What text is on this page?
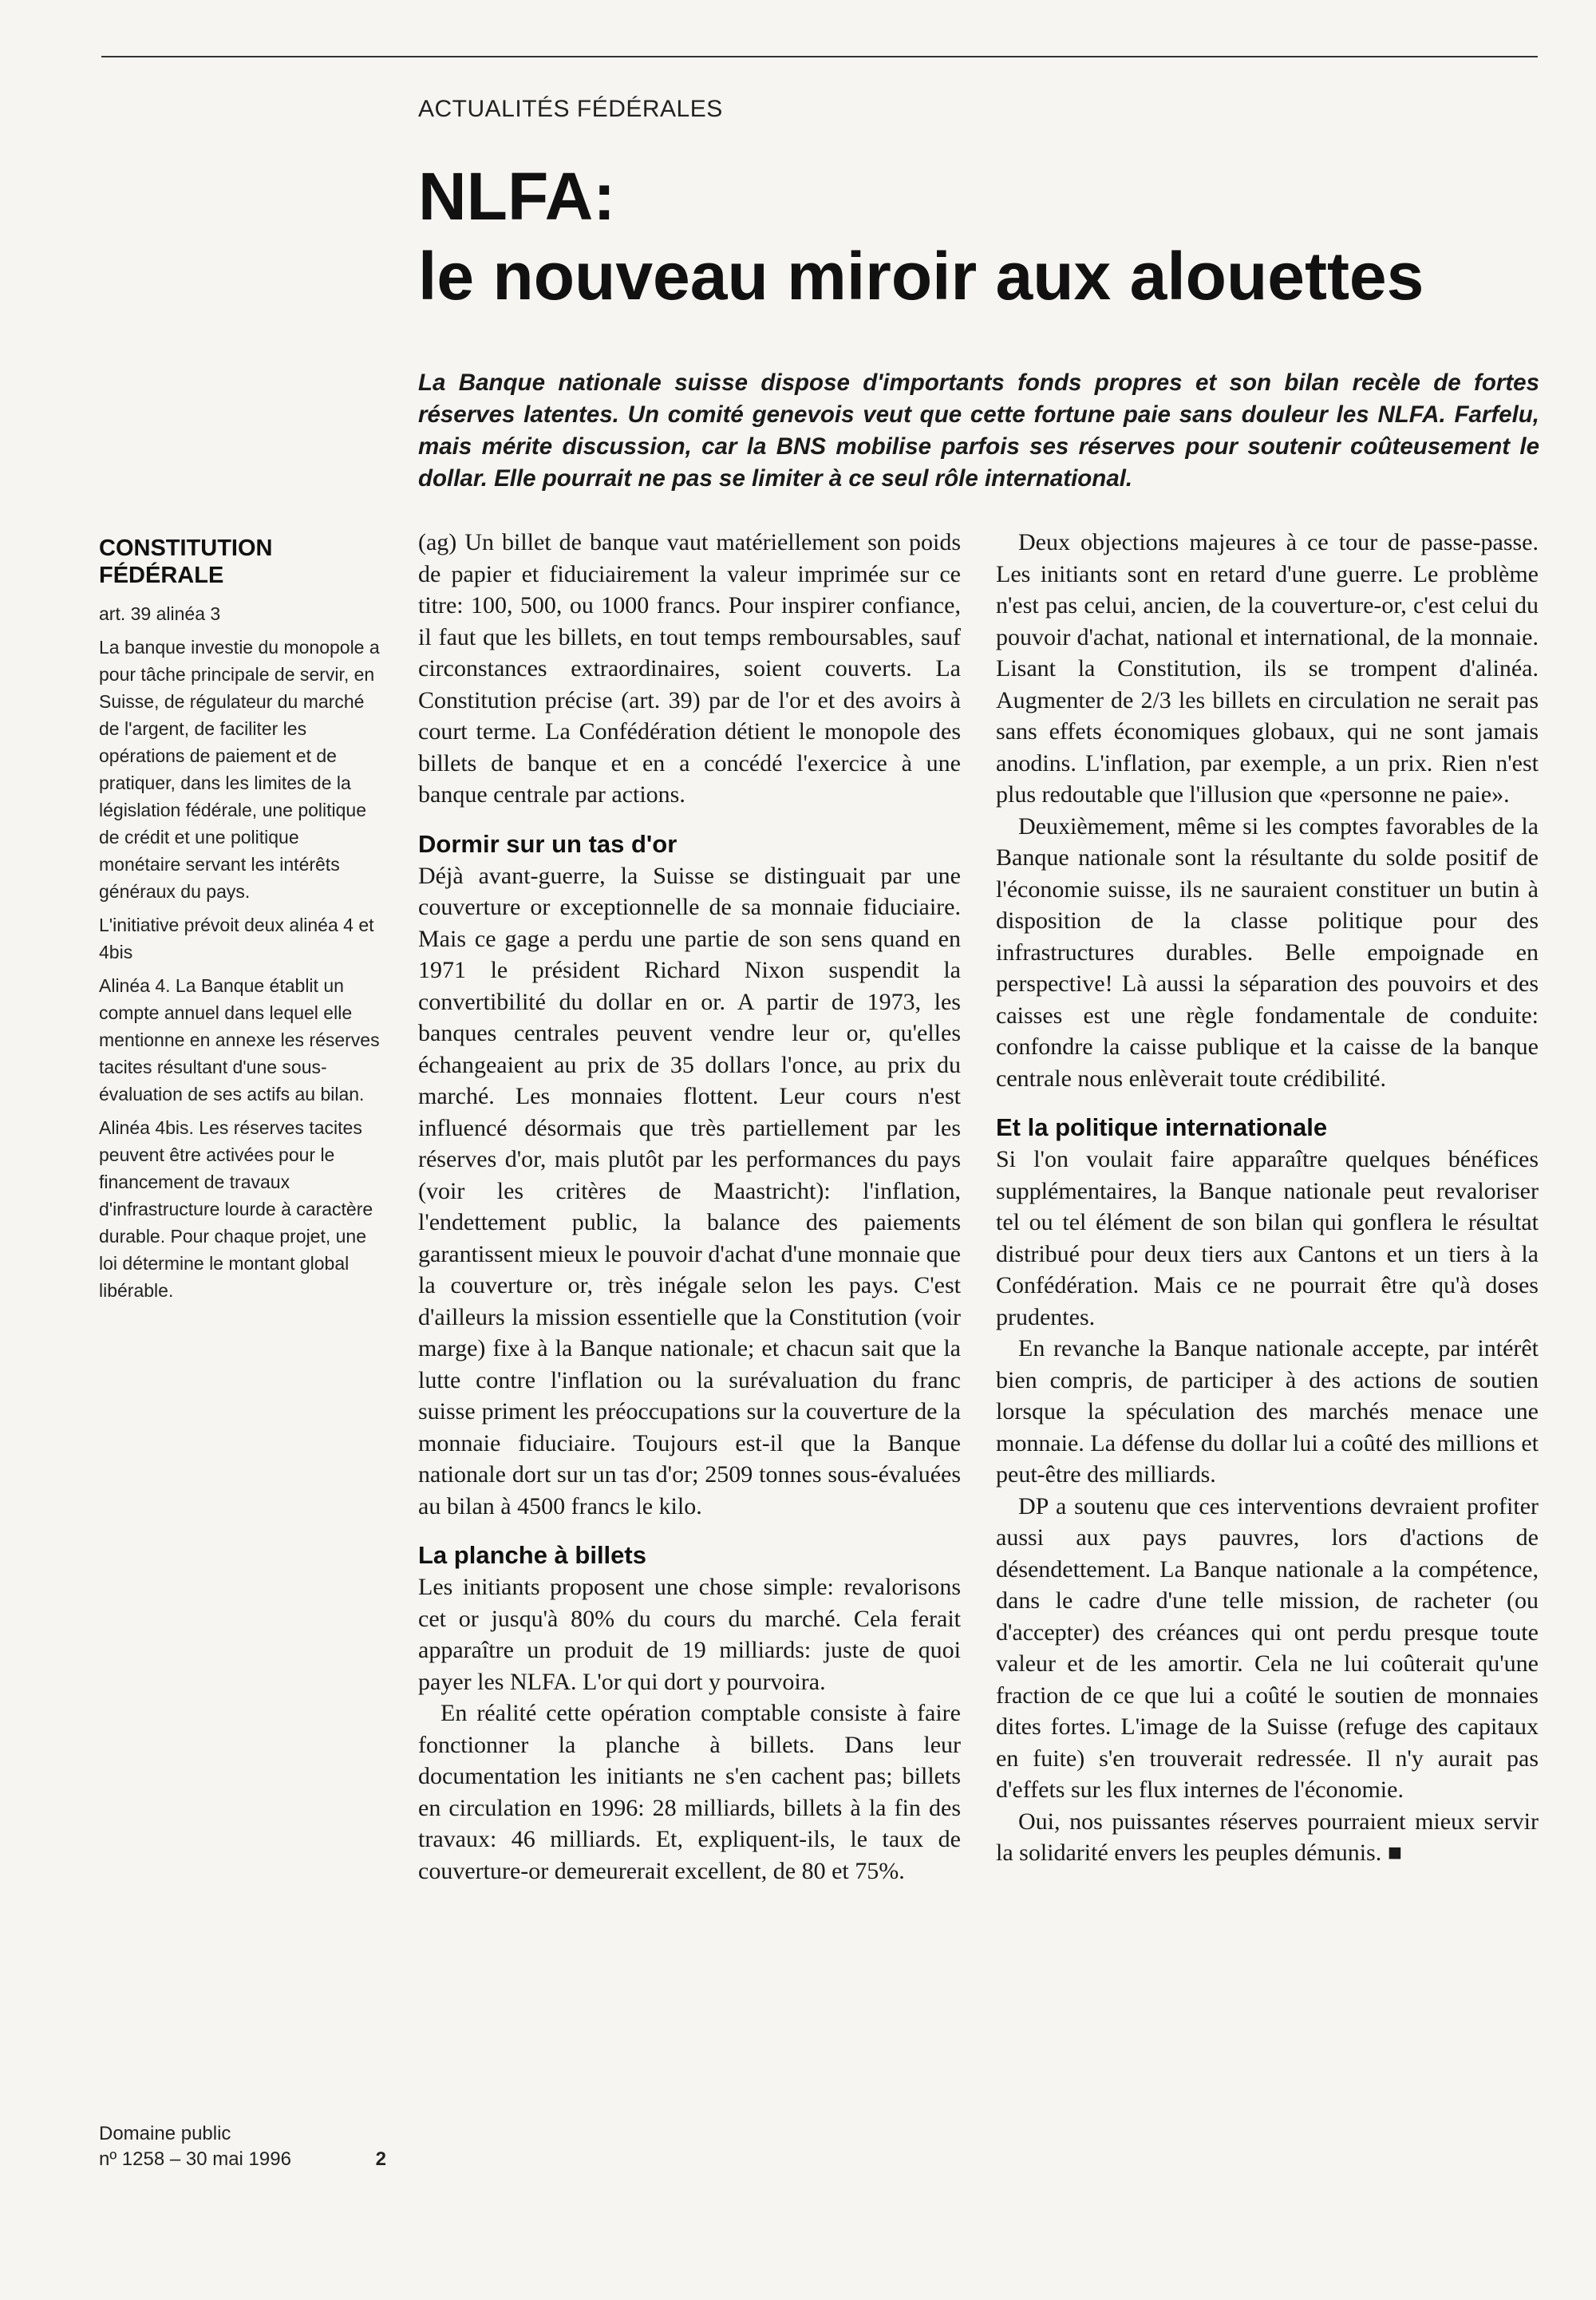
ACTUALITÉS FÉDÉRALES
NLFA:
le nouveau miroir aux alouettes
La Banque nationale suisse dispose d'importants fonds propres et son bilan recèle de fortes réserves latentes. Un comité genevois veut que cette fortune paie sans douleur les NLFA. Farfelu, mais mérite discussion, car la BNS mobilise parfois ses réserves pour soutenir coûteusement le dollar. Elle pourrait ne pas se limiter à ce seul rôle international.
CONSTITUTION FÉDÉRALE

art. 39 alinéa 3

La banque investie du monopole a pour tâche principale de servir, en Suisse, de régulateur du marché de l'argent, de faciliter les opérations de paiement et de pratiquer, dans les limites de la législation fédérale, une politique de crédit et une politique monétaire servant les intérêts généraux du pays.

L'initiative prévoit deux alinéa 4 et 4bis

Alinéa 4. La Banque établit un compte annuel dans lequel elle mentionne en annexe les réserves tacites résultant d'une sous-évaluation de ses actifs au bilan.

Alinéa 4bis. Les réserves tacites peuvent être activées pour le financement de travaux d'infrastructure lourde à caractère durable. Pour chaque projet, une loi détermine le montant global libérable.

(ag) Un billet de banque vaut matériellement son poids de papier et fiduciairement la valeur imprimée sur ce titre: 100, 500, ou 1000 francs. Pour inspirer confiance, il faut que les billets, en tout temps remboursables, sauf circonstances extraordinaires, soient couverts. La Constitution précise (art. 39) par de l'or et des avoirs à court terme. La Confédération détient le monopole des billets de banque et en a concédé l'exercice à une banque centrale par actions.

Dormir sur un tas d'or

Déjà avant-guerre, la Suisse se distinguait par une couverture or exceptionnelle de sa monnaie fiduciaire. Mais ce gage a perdu une partie de son sens quand en 1971 le président Richard Nixon suspendit la convertibilité du dollar en or. A partir de 1973, les banques centrales peuvent vendre leur or, qu'elles échangeaient au prix de 35 dollars l'once, au prix du marché. Les monnaies flottent. Leur cours n'est influencé désormais que très partiellement par les réserves d'or, mais plutôt par les performances du pays (voir les critères de Maastricht): l'inflation, l'endettement public, la balance des paiements garantissent mieux le pouvoir d'achat d'une monnaie que la couverture or, très inégale selon les pays. C'est d'ailleurs la mission essentielle que la Constitution (voir marge) fixe à la Banque nationale; et chacun sait que la lutte contre l'inflation ou la surévaluation du franc suisse priment les préoccupations sur la couverture de la monnaie fiduciaire. Toujours est-il que la Banque nationale dort sur un tas d'or; 2509 tonnes sous-évaluées au bilan à 4500 francs le kilo.

La planche à billets

Les initiants proposent une chose simple: revalorisons cet or jusqu'à 80% du cours du marché. Cela ferait apparaître un produit de 19 milliards: juste de quoi payer les NLFA. L'or qui dort y pourvoira.

En réalité cette opération comptable consiste à faire fonctionner la planche à billets. Dans leur documentation les initiants ne s'en cachent pas; billets en circulation en 1996: 28 milliards, billets à la fin des travaux: 46 milliards. Et, expliquent-ils, le taux de couverture-or demeurerait excellent, de 80 et 75%.

Deux objections majeures à ce tour de passe-passe. Les initiants sont en retard d'une guerre. Le problème n'est pas celui, ancien, de la couverture-or, c'est celui du pouvoir d'achat, national et international, de la monnaie. Lisant la Constitution, ils se trompent d'alinéa. Augmenter de 2/3 les billets en circulation ne serait pas sans effets économiques globaux, qui ne sont jamais anodins. L'inflation, par exemple, a un prix. Rien n'est plus redoutable que l'illusion que «personne ne paie».

Deuxièmement, même si les comptes favorables de la Banque nationale sont la résultante du solde positif de l'économie suisse, ils ne sauraient constituer un butin à disposition de la classe politique pour des infrastructures durables. Belle empoignade en perspective! Là aussi la séparation des pouvoirs et des caisses est une règle fondamentale de conduite: confondre la caisse publique et la caisse de la banque centrale nous enlèverait toute crédibilité.

Et la politique internationale

Si l'on voulait faire apparaître quelques bénéfices supplémentaires, la Banque nationale peut revaloriser tel ou tel élément de son bilan qui gonflera le résultat distribué pour deux tiers aux Cantons et un tiers à la Confédération. Mais ce ne pourrait être qu'à doses prudentes.

En revanche la Banque nationale accepte, par intérêt bien compris, de participer à des actions de soutien lorsque la spéculation des marchés menace une monnaie. La défense du dollar lui a coûté des millions et peut-être des milliards.

DP a soutenu que ces interventions devraient profiter aussi aux pays pauvres, lors d'actions de désendettement. La Banque nationale a la compétence, dans le cadre d'une telle mission, de racheter (ou d'accepter) des créances qui ont perdu presque toute valeur et de les amortir. Cela ne lui coûterait qu'une fraction de ce que lui a coûté le soutien de monnaies dites fortes. L'image de la Suisse (refuge des capitaux en fuite) s'en trouverait redressée. Il n'y aurait pas d'effets sur les flux internes de l'économie.

Oui, nos puissantes réserves pourraient mieux servir la solidarité envers les peuples démunis. ■

Domaine public
nº 1258 – 30 mai 1996	2
